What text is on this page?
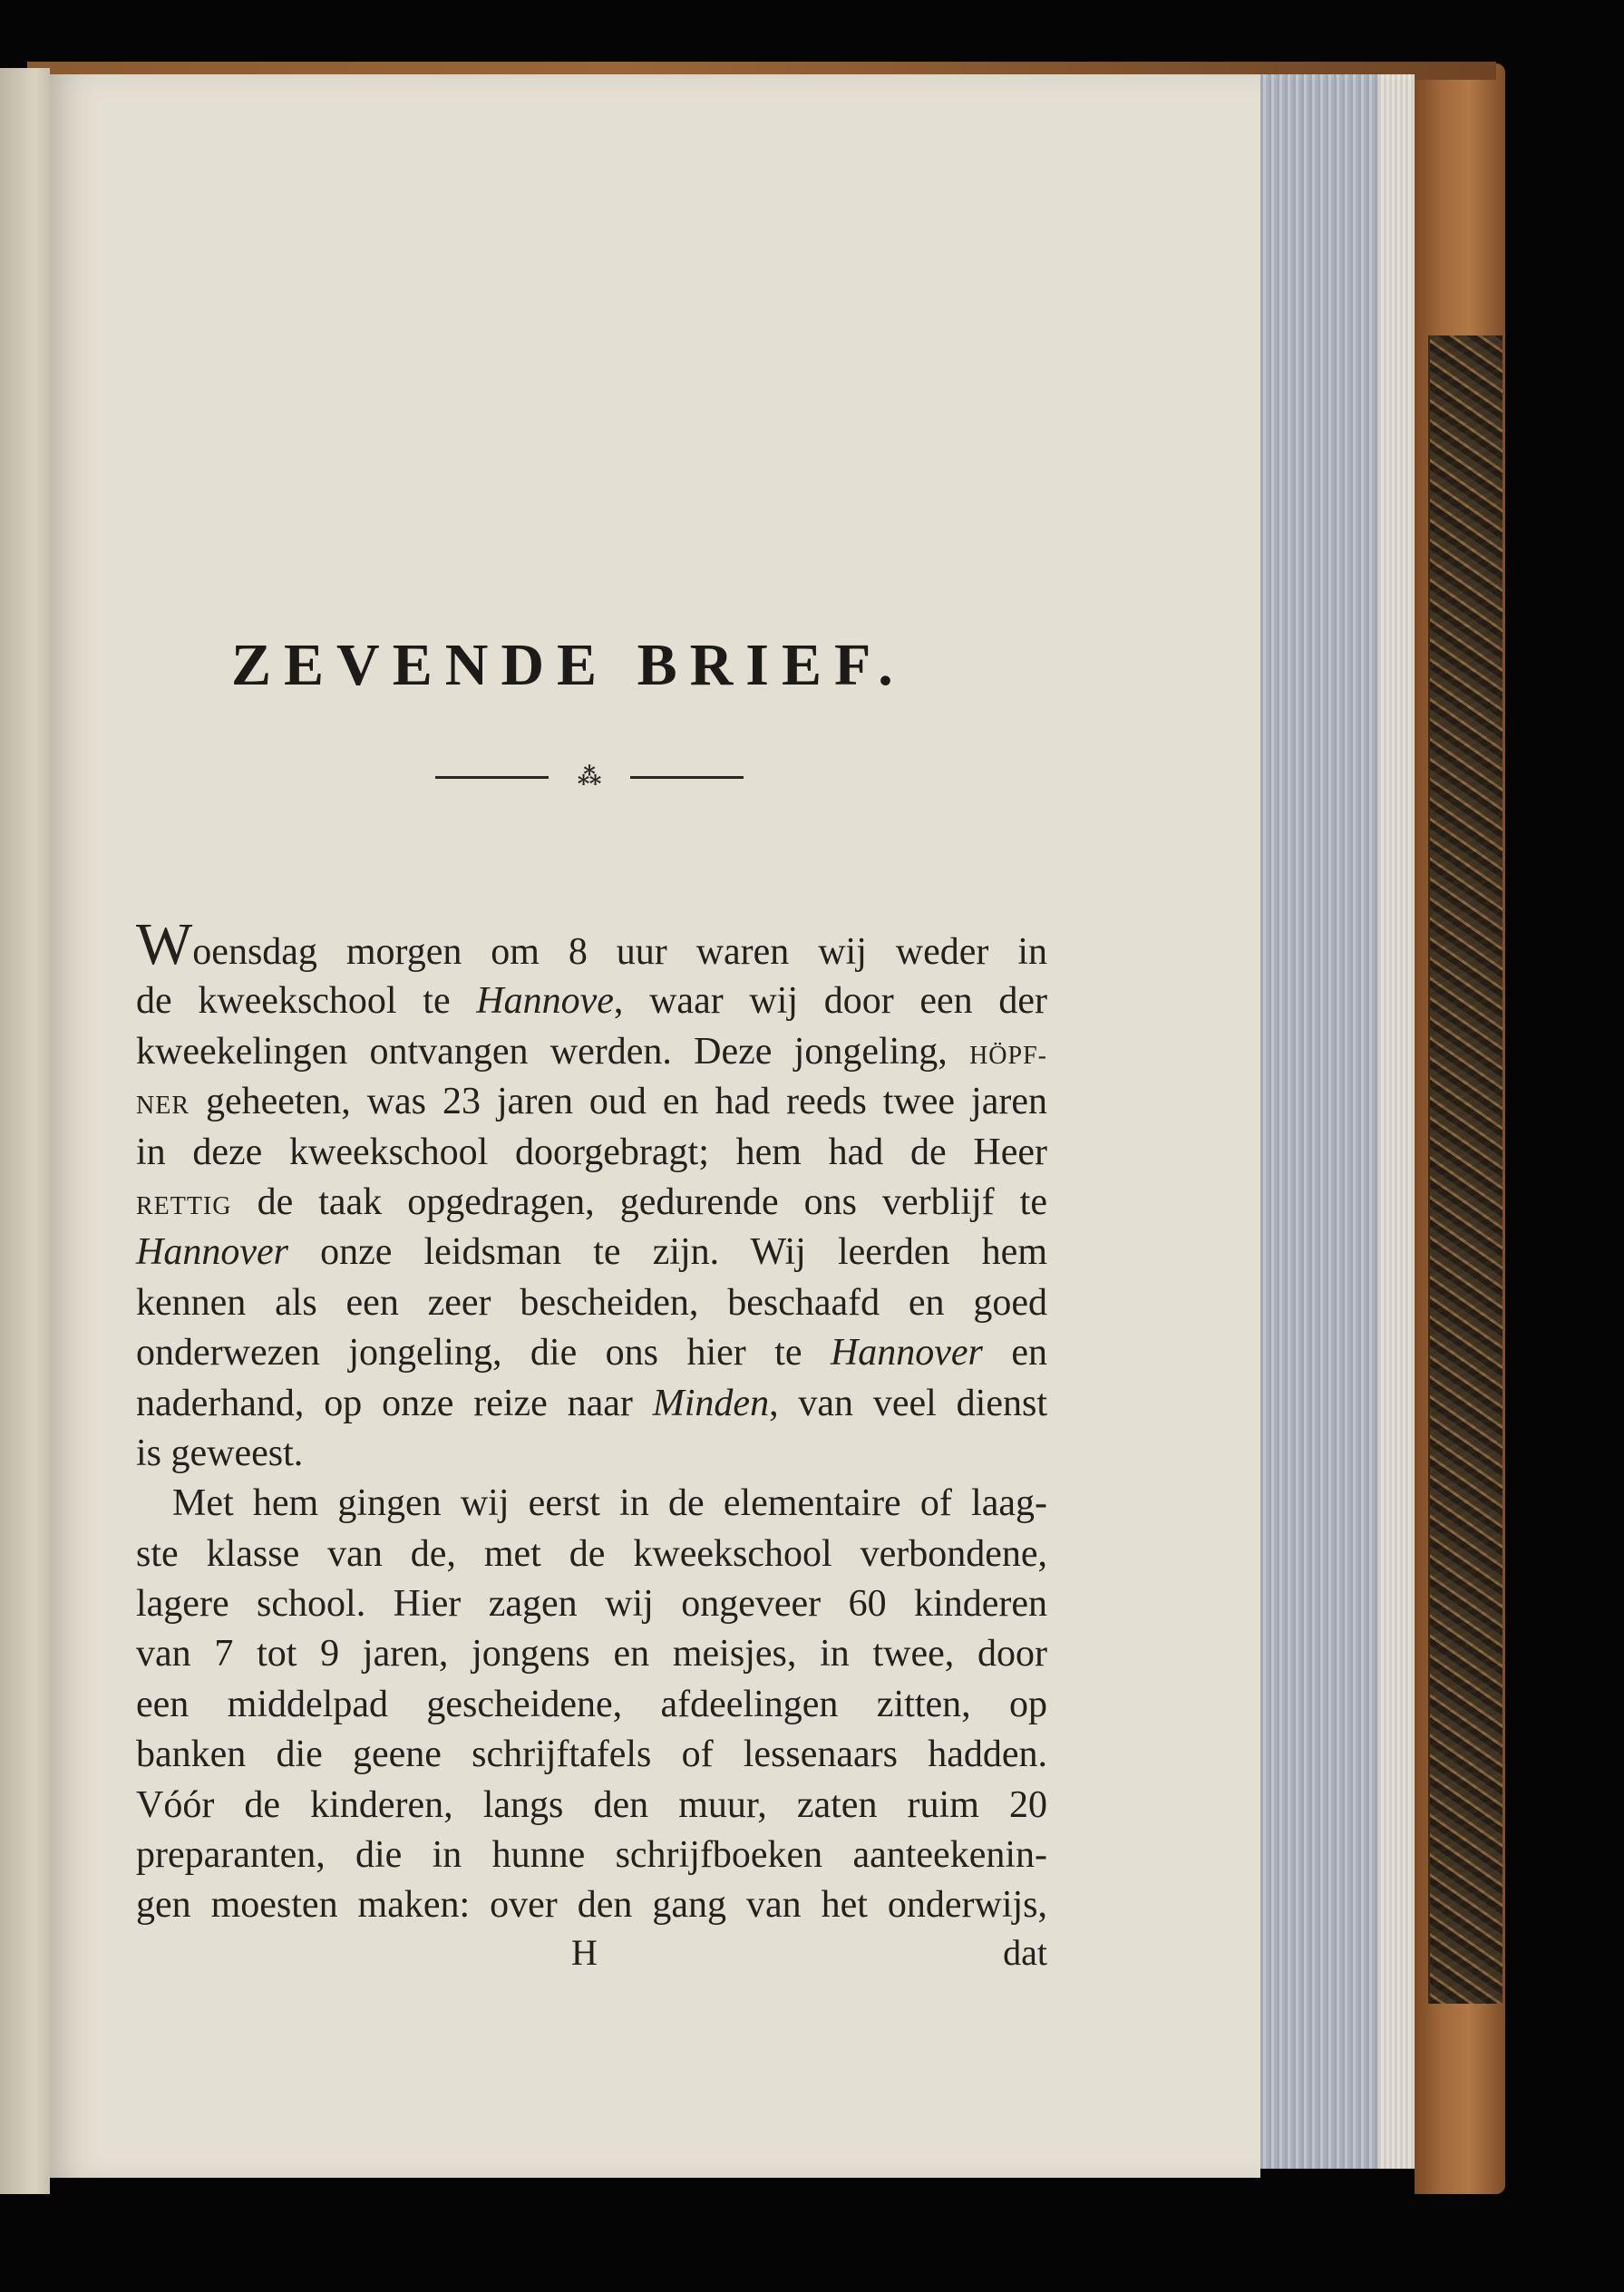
ZEVENDE BRIEF.
⁂
Woensdag morgen om 8 uur waren wij weder in
de kweekschool te Hannove, waar wij door een der
kweekelingen ontvangen werden. Deze jongeling, HÖPF-
NER geheeten, was 23 jaren oud en had reeds twee jaren
in deze kweekschool doorgebragt; hem had de Heer
RETTIG de taak opgedragen, gedurende ons verblijf te
Hannover onze leidsman te zijn. Wij leerden hem
kennen als een zeer bescheiden, beschaafd en goed
onderwezen jongeling, die ons hier te Hannover en
naderhand, op onze reize naar Minden, van veel dienst
is geweest.
Met hem gingen wij eerst in de elementaire of laag-
ste klasse van de, met de kweekschool verbondene,
lagere school. Hier zagen wij ongeveer 60 kinderen
van 7 tot 9 jaren, jongens en meisjes, in twee, door
een middelpad gescheidene, afdeelingen zitten, op
banken die geene schrijftafels of lessenaars hadden.
Vóór de kinderen, langs den muur, zaten ruim 20
preparanten, die in hunne schrijfboeken aanteekenin-
gen moesten maken: over den gang van het onderwijs,
H	dat
